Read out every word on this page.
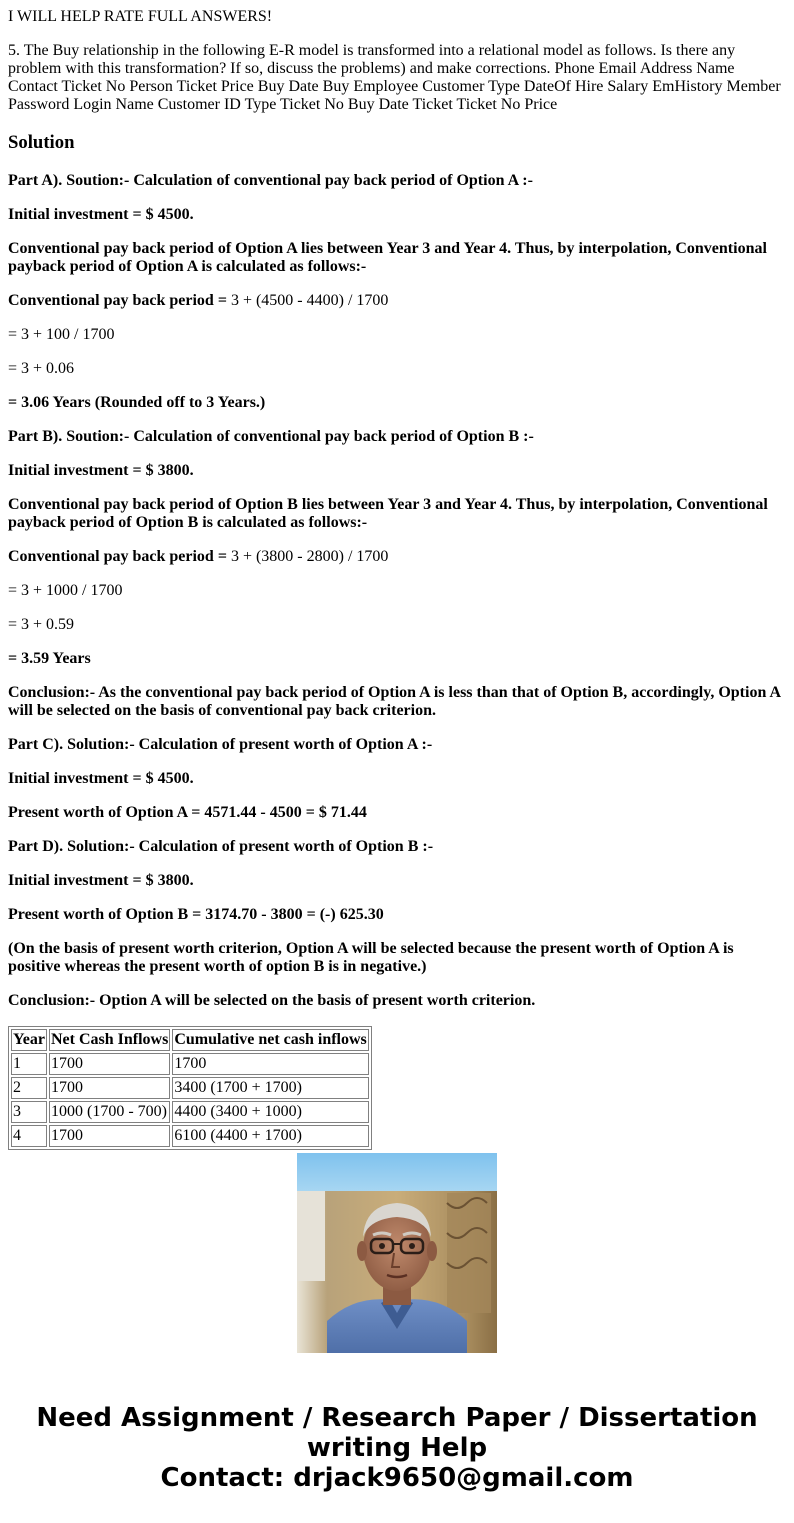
I WILL HELP RATE FULL ANSWERS!

5. The Buy relationship in the following E-R model is transformed into a relational model as follows. Is there any problem with this transformation? If so, discuss the problems) and make corrections. Phone Email Address Name Contact Ticket No Person Ticket Price Buy Date Buy Employee Customer Type DateOf Hire Salary EmHistory Member Password Login Name Customer ID Type Ticket No Buy Date Ticket Ticket No Price

Solution

Part A). Soution:- Calculation of conventional pay back period of Option A :-

Initial investment = $ 4500.

Conventional pay back period of Option A lies between Year 3 and Year 4. Thus, by interpolation, Conventional payback period of Option A is calculated as follows:-

Conventional pay back period = 3 + (4500 - 4400) / 1700

= 3 + 100 / 1700

= 3 + 0.06

= 3.06 Years (Rounded off to 3 Years.)

Part B). Soution:- Calculation of conventional pay back period of Option B :-

Initial investment = $ 3800.

Conventional pay back period of Option B lies between Year 3 and Year 4. Thus, by interpolation, Conventional payback period of Option B is calculated as follows:-

Conventional pay back period = 3 + (3800 - 2800) / 1700

= 3 + 1000 / 1700

= 3 + 0.59

= 3.59 Years

Conclusion:- As the conventional pay back period of Option A is less than that of Option B, accordingly, Option A will be selected on the basis of conventional pay back criterion.

Part C). Solution:- Calculation of present worth of Option A :-

Initial investment = $ 4500.

Present worth of Option A = 4571.44 - 4500 = $ 71.44

Part D). Solution:- Calculation of present worth of Option B :-

Initial investment = $ 3800.

Present worth of Option B = 3174.70 - 3800 = (-) 625.30

(On the basis of present worth criterion, Option A will be selected because the present worth of Option A is positive whereas the present worth of option B is in negative.)

Conclusion:- Option A will be selected on the basis of present worth criterion.

Year	Net Cash Inflows	Cumulative net cash inflows
1	1700	1700
2	1700	3400 (1700 + 1700)
3	1000 (1700 - 700)	4400 (3400 + 1000)
4	1700	6100 (4400 + 1700)
Need Assignment / Research Paper / Dissertation
writing Help
Contact: drjack9650@gmail.com
